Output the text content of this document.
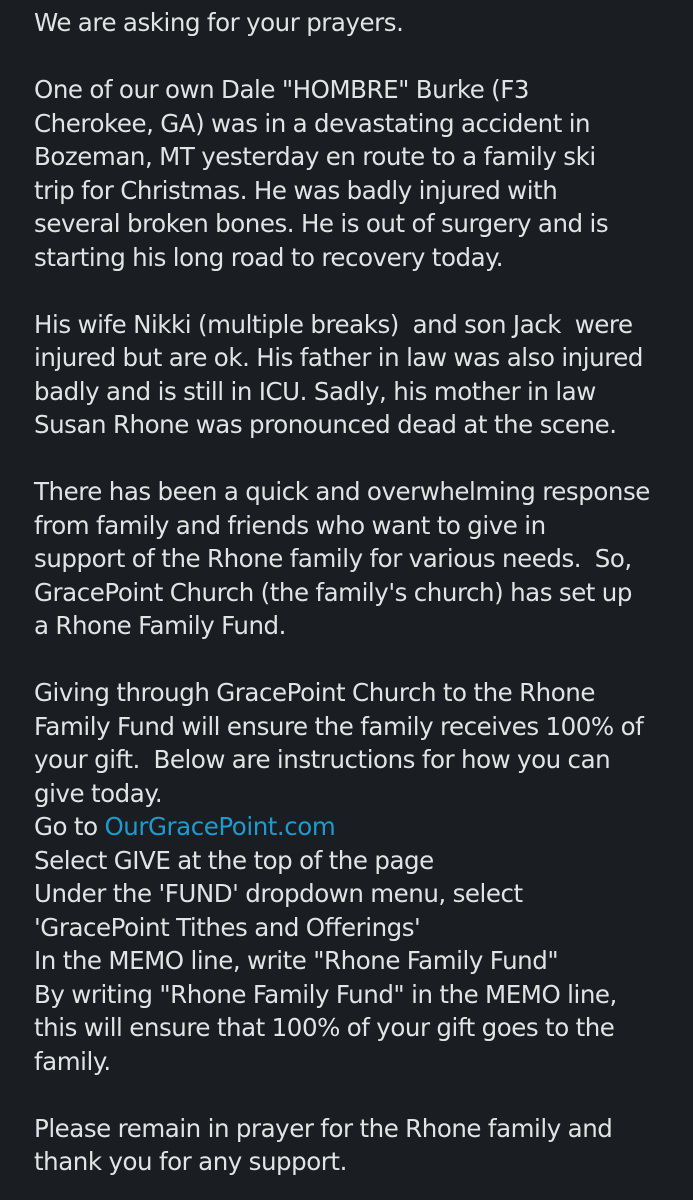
We are asking for your prayers.
One of our own Dale "HOMBRE" Burke (F3
Cherokee, GA) was in a devastating accident in
Bozeman, MT yesterday en route to a family ski
trip for Christmas. He was badly injured with
several broken bones. He is out of surgery and is
starting his long road to recovery today.
His wife Nikki (multiple breaks)  and son Jack  were
injured but are ok. His father in law was also injured
badly and is still in ICU. Sadly, his mother in law
Susan Rhone was pronounced dead at the scene.
There has been a quick and overwhelming response
from family and friends who want to give in
support of the Rhone family for various needs.  So,
GracePoint Church (the family's church) has set up
a Rhone Family Fund.
Giving through GracePoint Church to the Rhone
Family Fund will ensure the family receives 100% of
your gift.  Below are instructions for how you can
give today.
Go to OurGracePoint.com
Select GIVE at the top of the page
Under the 'FUND' dropdown menu, select
'GracePoint Tithes and Offerings'
In the MEMO line, write "Rhone Family Fund"
By writing "Rhone Family Fund" in the MEMO line,
this will ensure that 100% of your gift goes to the
family.
Please remain in prayer for the Rhone family and
thank you for any support.
